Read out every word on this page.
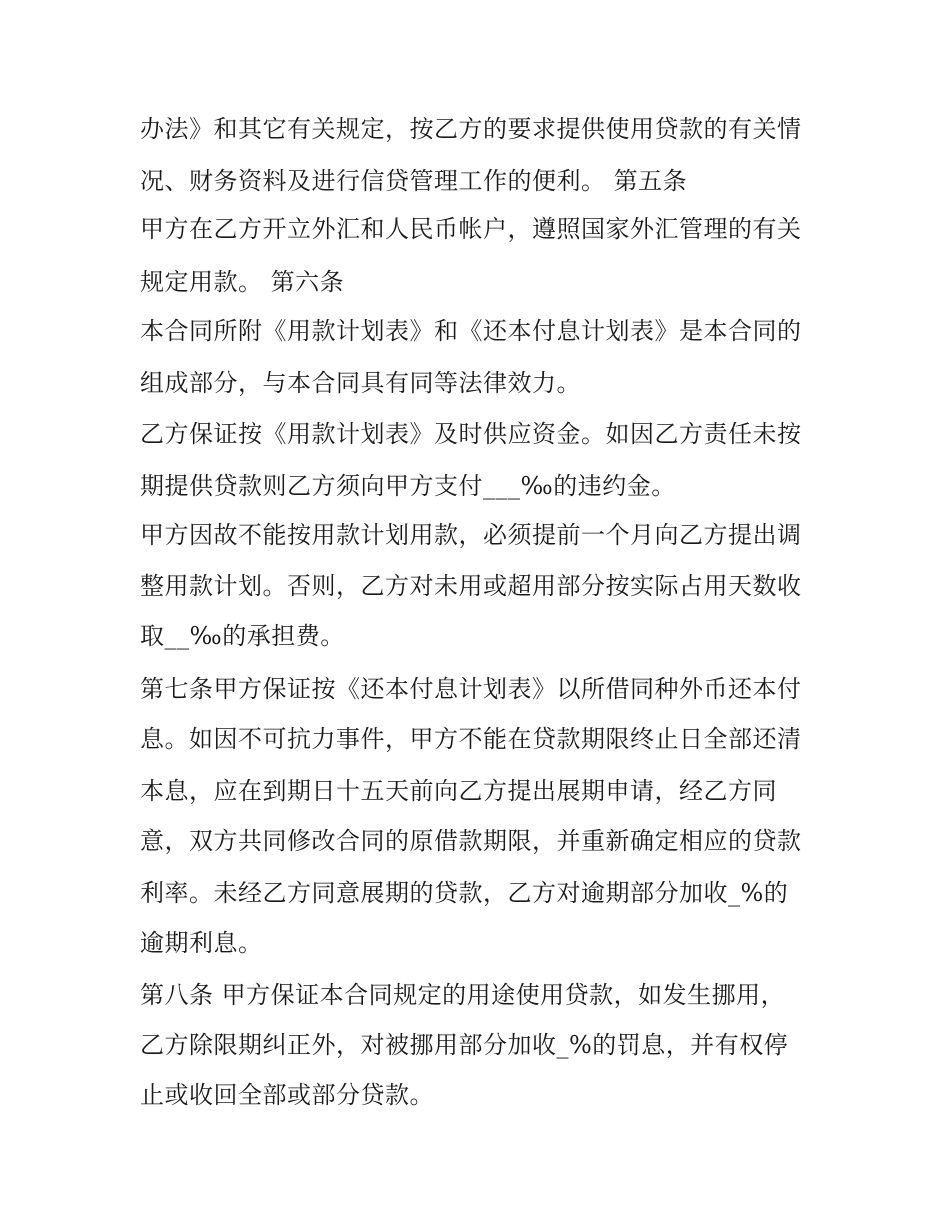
办法》和其它有关规定，按乙方的要求提供使用贷款的有关情
况、财务资料及进行信贷管理工作的便利。 第五条
甲方在乙方开立外汇和人民币帐户，遵照国家外汇管理的有关
规定用款。 第六条
本合同所附《用款计划表》和《还本付息计划表》是本合同的
组成部分，与本合同具有同等法律效力。
乙方保证按《用款计划表》及时供应资金。如因乙方责任未按
期提供贷款则乙方须向甲方支付___‰的违约金。
甲方因故不能按用款计划用款，必须提前一个月向乙方提出调
整用款计划。否则，乙方对未用或超用部分按实际占用天数收
取__‰的承担费。
第七条甲方保证按《还本付息计划表》以所借同种外币还本付
息。如因不可抗力事件，甲方不能在贷款期限终止日全部还清
本息，应在到期日十五天前向乙方提出展期申请，经乙方同
意，双方共同修改合同的原借款期限，并重新确定相应的贷款
利率。未经乙方同意展期的贷款，乙方对逾期部分加收_%的
逾期利息。
第八条 甲方保证本合同规定的用途使用贷款，如发生挪用，
乙方除限期纠正外，对被挪用部分加收_%的罚息，并有权停
止或收回全部或部分贷款。
